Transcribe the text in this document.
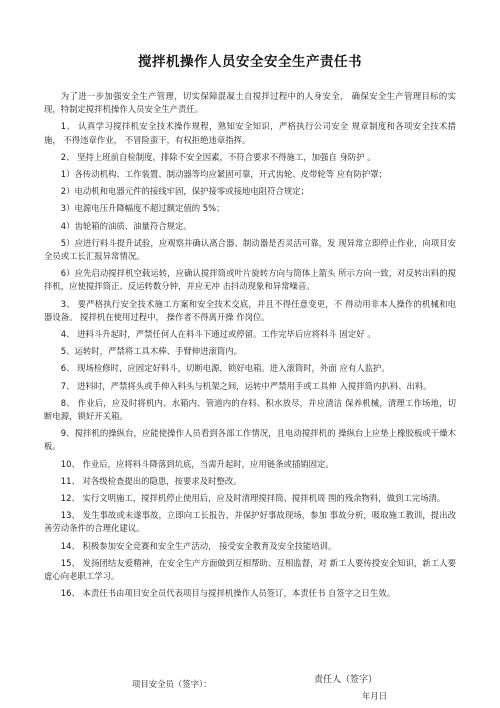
搅拌机操作人员安全安全生产责任书

为了进一步加强安全生产管理，切实保障混凝土自搅拌过程中的人身安全， 确保安全生产管理目标的实现，特制定搅拌机操作人员安全生产责任。

1、 认真学习搅拌机安全技术操作规程，熟知安全知识，严格执行公司安全 规章制度和各项安全技术措施， 不得违章作业， 不冒险蛮干，有权拒绝违章指挥。

2、 坚持上班前自检制度，排除不安全因素，不符合要求不得施工，加强自 身防护 。

1）各传动机构、工作装置、制动器等均应紧固可靠，开式齿轮、皮带轮等 应有防护罩；

2）电动机和电器元件的接线牢固，保护接零或接地电阻符合规定；

3）电源电压升降幅度不超过额定值的 5%；

4）齿轮箱的油质、油量符合规定。

5）应进行料斗提升试验，应观察并确认离合器、制动器是否灵活可靠，发 现异常立即停止作业，向项目安全员或工长汇报异常情况。

6）应先启动搅拌机空载运转，应确认搅拌筒或叶片旋转方向与筒体上箭头 所示方向一致，对反转出料的搅拌机，应使搅拌筒正、反运转数分钟，并应无冲 击抖动现象和异常噪音。

3、 要严格执行安全技术施工方案和安全技术交底，并且不得任意变更，不 得动用非本人操作的机械和电器设备。 搅拌机在使用过程中， 操作者不得离开操 作岗位。

4、 进料斗升起时，严禁任何人在料斗下通过或停留。工作完毕后应将料斗 固定好 。

5、运转时，严禁将工具木棒、手臂伸进滚筒内。

6、 现场检修时，应固定好料斗，切断电源，锁好电箱。进入滚筒时，外面 应有人监护。

7、 进料时，严禁将头或手伸入料头与机架之间，运转中严禁用手或工具伸 入搅拌筒内扒料、出料。

8、 作业后，应及时将机内、水箱内、管道内的存料、积水放尽，并应清洁 保养机械，清理工作场地，切断电源，锁好开关箱。

9、搅拌机的操纵台，应能使操作人员看到各部工作情况，且电动搅拌机的 操纵台上应垫上橡胶板或干燥木板。

10、 作业后，应将料斗降落到坑底，当需升起时，应用链条或插销固定。

11、 对各级检查提出的隐患，按要求及时整改。

12、 实行文明施工，搅拌机停止使用后，应及时清理搅拌筒、搅拌机周 围的残余物料，做到工完场清。

13、 发生事故或未遂事故，立即向工长报告，并保护好事故现场，参加 事故分析，吸取施工教训，提出改善劳动条件的合理化建议。

14、 积极参加安全竞赛和安全生产活动， 接受安全教育及安全技能培训。

15、 发扬团结友爱精神，在安全生产方面做到互相帮助、互相监督，对 新工人要传授安全知识，新工人要虚心向老职工学习。

16、 本责任书由项目安全员代表项目与搅拌机操作人员签订，本责任书 自签字之日生效。

项目安全员（签字）：	责任人（签字）
年月日
